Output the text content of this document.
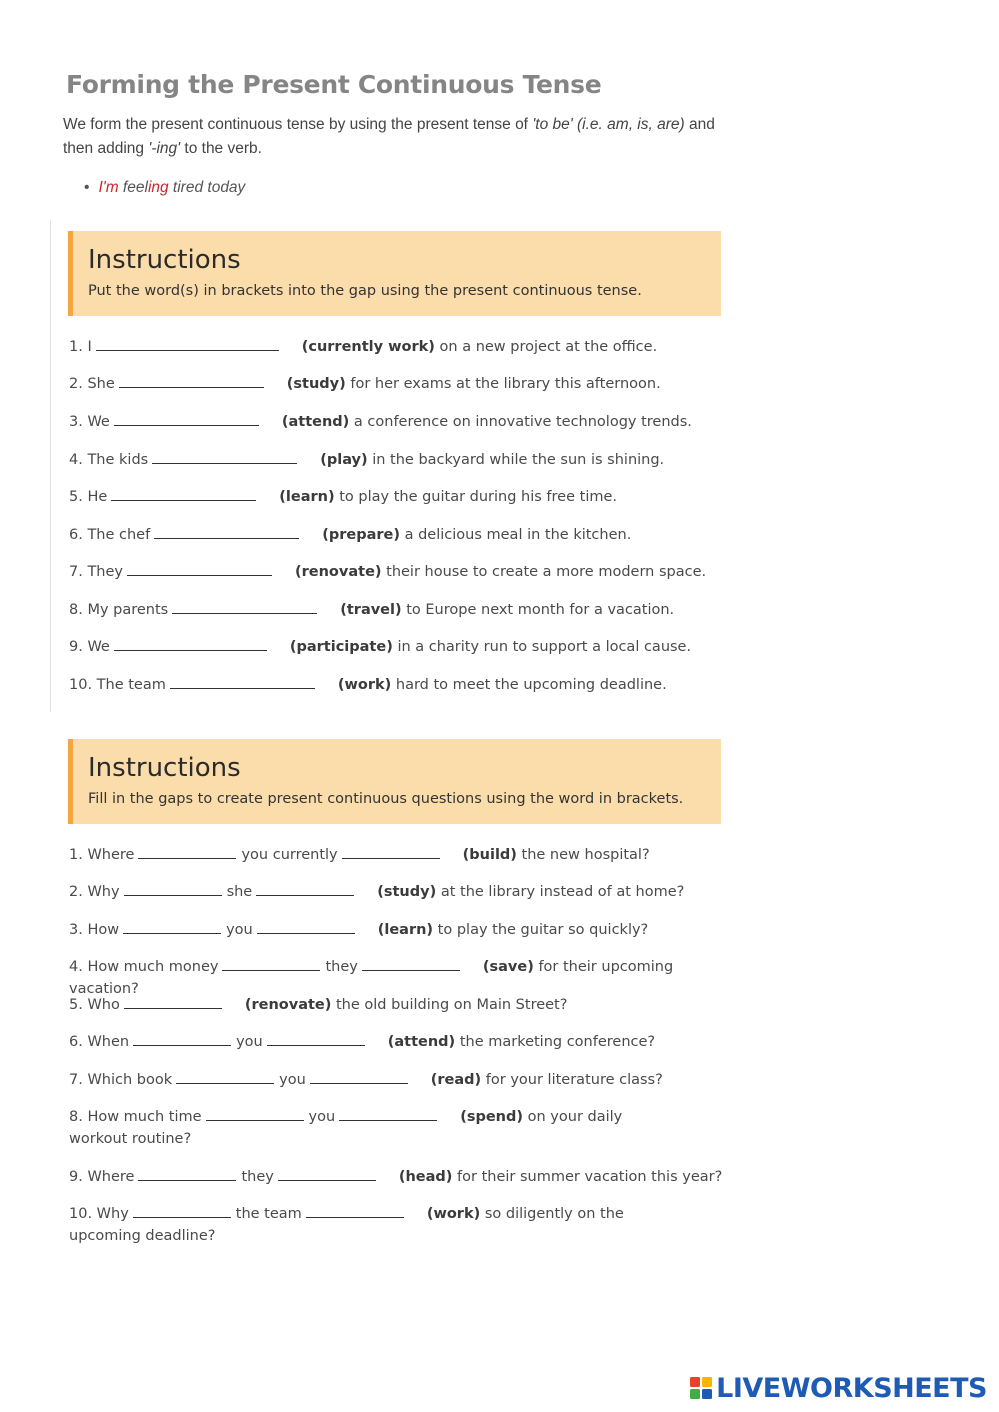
Forming the Present Continuous Tense
We form the present continuous tense by using the present tense of 'to be' (i.e. am, is, are) and then adding '-ing' to the verb.
• I'm feeling tired today
Instructions
Put the word(s) in brackets into the gap using the present continuous tense.
1. I	(currently work) on a new project at the office.
2. She	(study) for her exams at the library this afternoon.
3. We	(attend) a conference on innovative technology trends.
4. The kids	(play) in the backyard while the sun is shining.
5. He	(learn) to play the guitar during his free time.
6. The chef	(prepare) a delicious meal in the kitchen.
7. They	(renovate) their house to create a more modern space.
8. My parents	(travel) to Europe next month for a vacation.
9. We	(participate) in a charity run to support a local cause.
10. The team	(work) hard to meet the upcoming deadline.
Instructions
Fill in the gaps to create present continuous questions using the word in brackets.
1. Where	you currently	(build) the new hospital?
2. Why	she	(study) at the library instead of at home?
3. How	you	(learn) to play the guitar so quickly?
4. How much money	they	(save) for their upcoming vacation?
5. Who	(renovate) the old building on Main Street?
6. When	you	(attend) the marketing conference?
7. Which book	you	(read) for your literature class?
8. How much time	you	(spend) on your daily workout routine?
9. Where	they	(head) for their summer vacation this year?
10. Why	the team	(work) so diligently on the upcoming deadline?
LIVEWORKSHEETS
